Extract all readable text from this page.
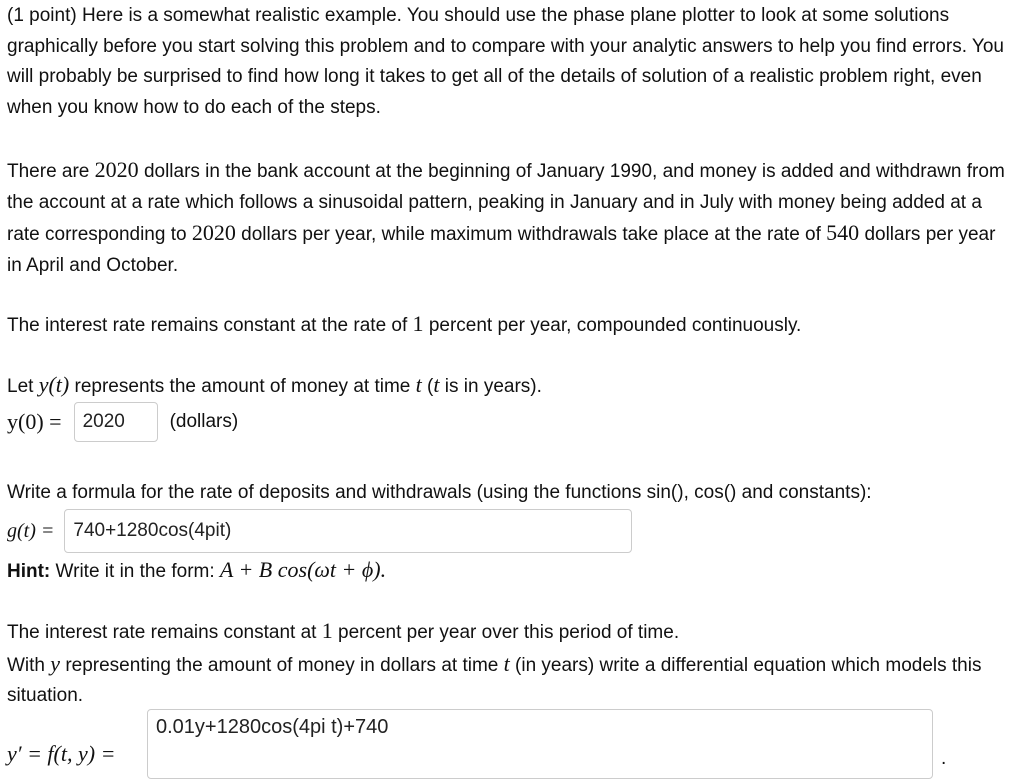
(1 point) Here is a somewhat realistic example. You should use the phase plane plotter to look at some solutions graphically before you start solving this problem and to compare with your analytic answers to help you find errors. You will probably be surprised to find how long it takes to get all of the details of solution of a realistic problem right, even when you know how to do each of the steps.

There are 2020 dollars in the bank account at the beginning of January 1990, and money is added and withdrawn from the account at a rate which follows a sinusoidal pattern, peaking in January and in July with money being added at a rate corresponding to 2020 dollars per year, while maximum withdrawals take place at the rate of 540 dollars per year in April and October.

The interest rate remains constant at the rate of 1 percent per year, compounded continuously.

Let y(t) represents the amount of money at time t (t is in years).

y(0) = 2020 (dollars)

Write a formula for the rate of deposits and withdrawals (using the functions sin(), cos() and constants):

g(t) = 740+1280cos(4pit)

Hint: Write it in the form: A + B cos(ωt + ϕ).

The interest rate remains constant at 1 percent per year over this period of time.
With y representing the amount of money in dollars at time t (in years) write a differential equation which models this situation.

y′ = f(t, y) =
0.01y+1280cos(4pi t)+740
.
